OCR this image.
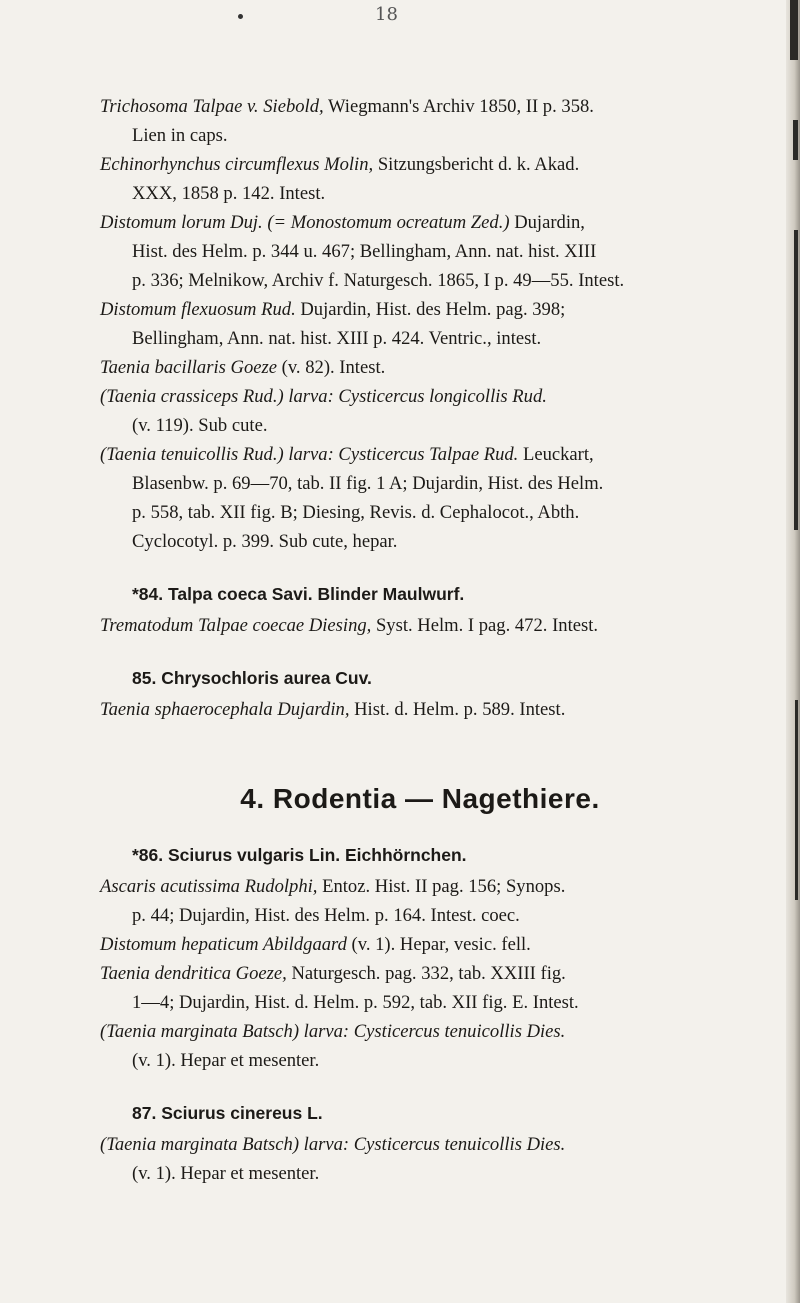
18
Trichosoma Talpae v. Siebold, Wiegmann's Archiv 1850, II p. 358.
Lien in caps.
Echinorhynchus circumflexus Molin, Sitzungsbericht d. k. Akad.
XXX, 1858 p. 142. Intest.
Distomum lorum Duj. (= Monostomum ocreatum Zed.) Dujardin,
Hist. des Helm. p. 344 u. 467; Bellingham, Ann. nat. hist. XIII
p. 336; Melnikow, Archiv f. Naturgesch. 1865, I p. 49—55. Intest.
Distomum flexuosum Rud. Dujardin, Hist. des Helm. pag. 398;
Bellingham, Ann. nat. hist. XIII p. 424. Ventric., intest.
Taenia bacillaris Goeze (v. 82). Intest.
(Taenia crassiceps Rud.) larva: Cysticercus longicollis Rud.
(v. 119). Sub cute.
(Taenia tenuicollis Rud.) larva: Cysticercus Talpae Rud. Leuckart,
Blasenbw. p. 69—70, tab. II fig. 1 A; Dujardin, Hist. des Helm.
p. 558, tab. XII fig. B; Diesing, Revis. d. Cephalocot., Abth.
Cyclocotyl. p. 399. Sub cute, hepar.
*84. Talpa coeca Savi. Blinder Maulwurf.
Trematodum Talpae coecae Diesing, Syst. Helm. I pag. 472. Intest.
85. Chrysochloris aurea Cuv.
Taenia sphaerocephala Dujardin, Hist. d. Helm. p. 589. Intest.
4. Rodentia — Nagethiere.
*86. Sciurus vulgaris Lin. Eichhörnchen.
Ascaris acutissima Rudolphi, Entoz. Hist. II pag. 156; Synops.
p. 44; Dujardin, Hist. des Helm. p. 164. Intest. coec.
Distomum hepaticum Abildgaard (v. 1). Hepar, vesic. fell.
Taenia dendritica Goeze, Naturgesch. pag. 332, tab. XXIII fig.
1—4; Dujardin, Hist. d. Helm. p. 592, tab. XII fig. E. Intest.
(Taenia marginata Batsch) larva: Cysticercus tenuicollis Dies.
(v. 1). Hepar et mesenter.
87. Sciurus cinereus L.
(Taenia marginata Batsch) larva: Cysticercus tenuicollis Dies.
(v. 1). Hepar et mesenter.
